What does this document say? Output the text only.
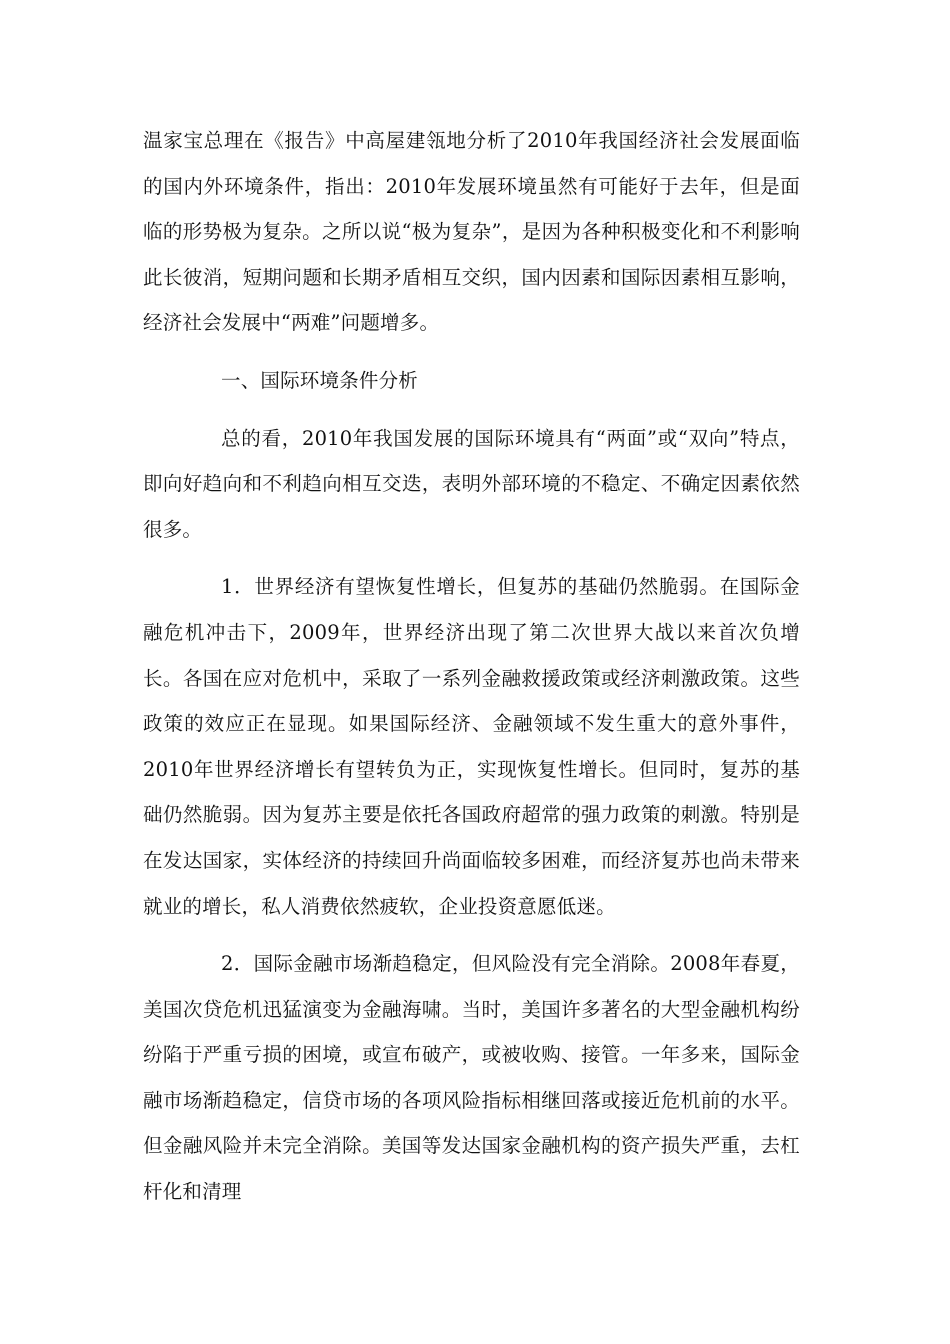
温家宝总理在《报告》中高屋建瓴地分析了2010年我国经济社会发展面临的国内外环境条件，指出：2010年发展环境虽然有可能好于去年，但是面临的形势极为复杂。之所以说“极为复杂”，是因为各种积极变化和不利影响此长彼消，短期问题和长期矛盾相互交织，国内因素和国际因素相互影响，经济社会发展中“两难”问题增多。

一、国际环境条件分析

总的看，2010年我国发展的国际环境具有“两面”或“双向”特点，即向好趋向和不利趋向相互交迭，表明外部环境的不稳定、不确定因素依然很多。

1．世界经济有望恢复性增长，但复苏的基础仍然脆弱。在国际金融危机冲击下，2009年，世界经济出现了第二次世界大战以来首次负增长。各国在应对危机中，采取了一系列金融救援政策或经济刺激政策。这些政策的效应正在显现。如果国际经济、金融领域不发生重大的意外事件，2010年世界经济增长有望转负为正，实现恢复性增长。但同时，复苏的基础仍然脆弱。因为复苏主要是依托各国政府超常的强力政策的刺激。特别是在发达国家，实体经济的持续回升尚面临较多困难，而经济复苏也尚未带来就业的增长，私人消费依然疲软，企业投资意愿低迷。

2．国际金融市场渐趋稳定，但风险没有完全消除。2008年春夏，美国次贷危机迅猛演变为金融海啸。当时，美国许多著名的大型金融机构纷纷陷于严重亏损的困境，或宣布破产，或被收购、接管。一年多来，国际金融市场渐趋稳定，信贷市场的各项风险指标相继回落或接近危机前的水平。但金融风险并未完全消除。美国等发达国家金融机构的资产损失严重，去杠杆化和清理
